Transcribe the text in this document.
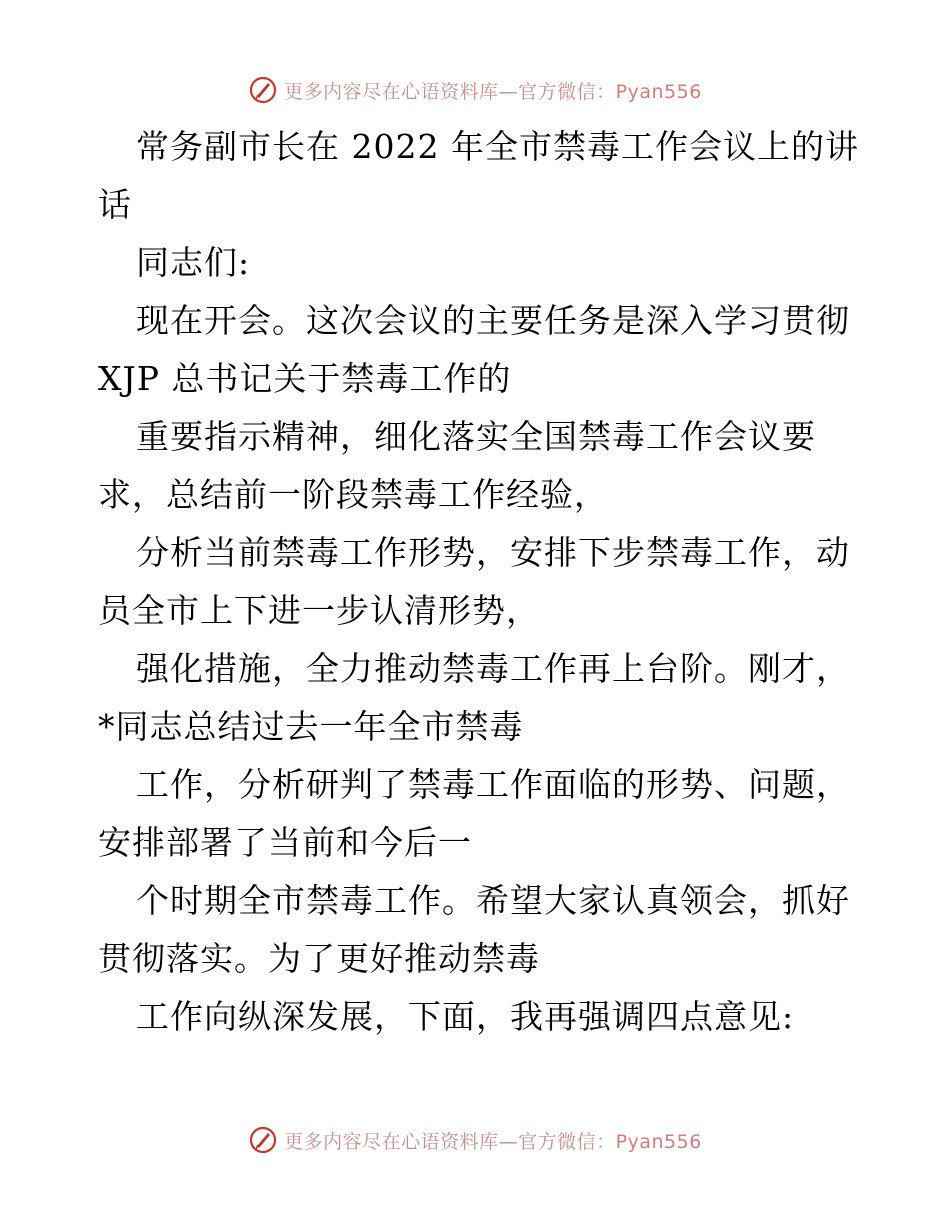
更多内容尽在心语资料库—官方微信：Pyan556
常务副市长在 2022 年全市禁毒工作会议上的讲
话
同志们:
现在开会。这次会议的主要任务是深入学习贯彻
XJP 总书记关于禁毒工作的
重要指示精神，细化落实全国禁毒工作会议要
求，总结前一阶段禁毒工作经验，
分析当前禁毒工作形势，安排下步禁毒工作，动
员全市上下进一步认清形势，
强化措施，全力推动禁毒工作再上台阶。刚才，
*同志总结过去一年全市禁毒
工作，分析研判了禁毒工作面临的形势、问题，
安排部署了当前和今后一
个时期全市禁毒工作。希望大家认真领会，抓好
贯彻落实。为了更好推动禁毒
工作向纵深发展，下面，我再强调四点意见:
更多内容尽在心语资料库—官方微信：Pyan556
